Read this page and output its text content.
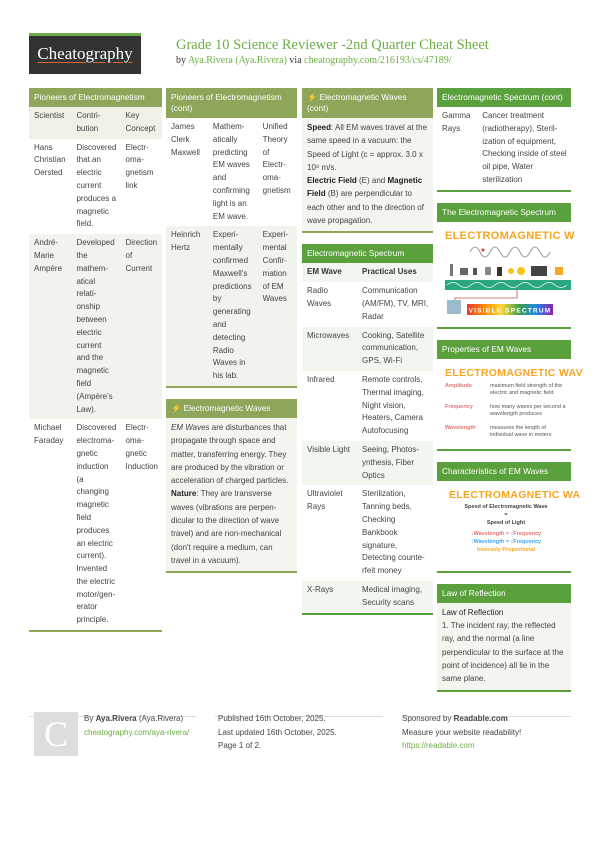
Cheatography	Grade 10 Science Reviewer -2nd Quarter Cheat Sheet
by Aya.Rivera (Aya.Rivera) via cheatography.com/216193/cs/47189/
Pioneers of Electromagnetism
Scientist	Contri-bution	Key Concept
Hans Christian Oersted	Discovered that an electric current produces a magnetic field.	Electr-oma-gnetism link
André-Marie Ampère	Developed the mathem-atical relati-onship between electric current and the magnetic field (Ampère's Law).	Direction of Current
Michael Faraday	Discovered electroma-gnetic induction (a changing magnetic field produces an electric current). Invented the electric motor/gen-erator principle.	Electr-oma-gnetic Induction
Pioneers of Electromagnetism (cont)
James Clerk Maxwell	Mathem-atically predicting EM waves and confirming light is an EM wave.	Unified Theory of Electr-oma-gnetism
Heinrich Hertz	Experi-mentally confirmed Maxwell's predictions by generating and detecting Radio Waves in his lab.	Experi-mental Confir-mation of EM Waves
⚡ Electromagnetic Waves
EM Waves are disturbances that propagate through space and matter, transferring energy. They are produced by the vibration or acceleration of charged particles.
Nature: They are transverse waves (vibrations are perpen-dicular to the direction of wave travel) and are non-mechanical (don't require a medium, can travel in a vacuum).
⚡ Electromagnetic Waves (cont)
Speed: All EM waves travel at the same speed in a vacuum: the Speed of Light (c = approx. 3.0 x 10⁸ m/s.
Electric Field (E) and Magnetic Field (B) are perpendicular to each other and to the direction of wave propagation.
Electromagnetic Spectrum
EM Wave	Practical Uses
Radio Waves	Communication (AM/FM), TV, MRI, Radar
Microwaves	Cooking, Satellite communication, GPS, Wi-Fi
Infrared	Remote controls, Thermal imaging, Night vision, Heaters, Camera Autofocusing
Visible Light	Seeing, Photos-ynthesis, Fiber Optics
Ultraviolet Rays	Sterilization, Tanning beds, Checking Bankbook signature, Detecting counte-rfeit money
X-Rays	Medical imaging, Security scans
Electromagnetic Spectrum (cont)
Gamma Rays	Cancer treatment (radiotherapy), Steril-ization of equipment, Checking inside of steel oil pipe, Water sterilization
The Electromagnetic Spectrum
ELECTROMAGNETIC W
VISIBLE SPECTRUM
Properties of EM Waves
ELECTROMAGNETIC WAV
Amplitude	maximum field strength of the electric and magnetic field
Frequency	how many waves per second a wavelength produces
Wavelength	measures the length of individual wave in meters
Characteristics of EM Waves
ELECTROMAGNETIC WA
Speed of Electromagnetic Wave
=
Speed of Light
↓Wavelength = ↑Frequency
↑Wavelength = ↓Frequency
Inversely Proportional
Law of Reflection
Law of Reflection
1. The incident ray, the reflected ray, and the normal (a line perpendicular to the surface at the point of incidence) all lie in the same plane.
C	By Aya.Rivera (Aya.Rivera)
cheatography.com/aya-rivera/
Published 16th October, 2025.
Last updated 16th October, 2025.
Page 1 of 2.
Sponsored by Readable.com
Measure your website readability!
https://readable.com
